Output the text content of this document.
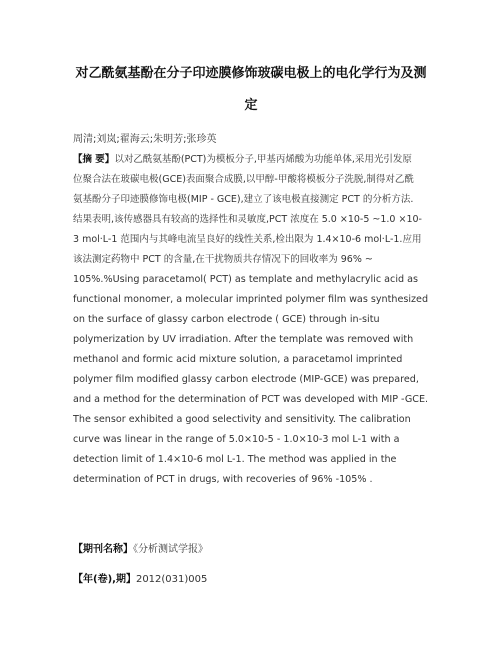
对乙酰氨基酚在分子印迹膜修饰玻碳电极上的电化学行为及测
定
周清;刘岚;翟海云;朱明芳;张珍英
【摘 要】以对乙酰氨基酚(PCT)为模板分子,甲基丙烯酸为功能单体,采用光引发原
位聚合法在玻碳电极(GCE)表面聚合成膜,以甲醇-甲酸将模板分子洗脱,制得对乙酰
氨基酚分子印迹膜修饰电极(MIP - GCE),建立了该电极直接测定 PCT 的分析方法.
结果表明,该传感器具有较高的选择性和灵敏度,PCT 浓度在 5.0 ×10-5 ~1.0 ×10-
3 mol·L-1 范围内与其峰电流呈良好的线性关系,检出限为 1.4×10-6 mol·L-1.应用
该法测定药物中 PCT 的含量,在干扰物质共存情况下的回收率为 96% ~
105%.%Using paracetamol( PCT) as template and methylacrylic acid as
functional monomer, a molecular imprinted polymer film was synthesized
on the surface of glassy carbon electrode ( GCE) through in-situ
polymerization by UV irradiation. After the template was removed with
methanol and formic acid mixture solution, a paracetamol imprinted
polymer film modified glassy carbon electrode (MIP-GCE) was prepared,
and a method for the determination of PCT was developed with MIP -GCE.
The sensor exhibited a good selectivity and sensitivity. The calibration
curve was linear in the range of 5.0×10-5 - 1.0×10-3 mol L-1 with a
detection limit of 1.4×10-6 mol L-1. The method was applied in the
determination of PCT in drugs, with recoveries of 96% -105% .
【期刊名称】《分析测试学报》
【年(卷),期】2012(031)005
